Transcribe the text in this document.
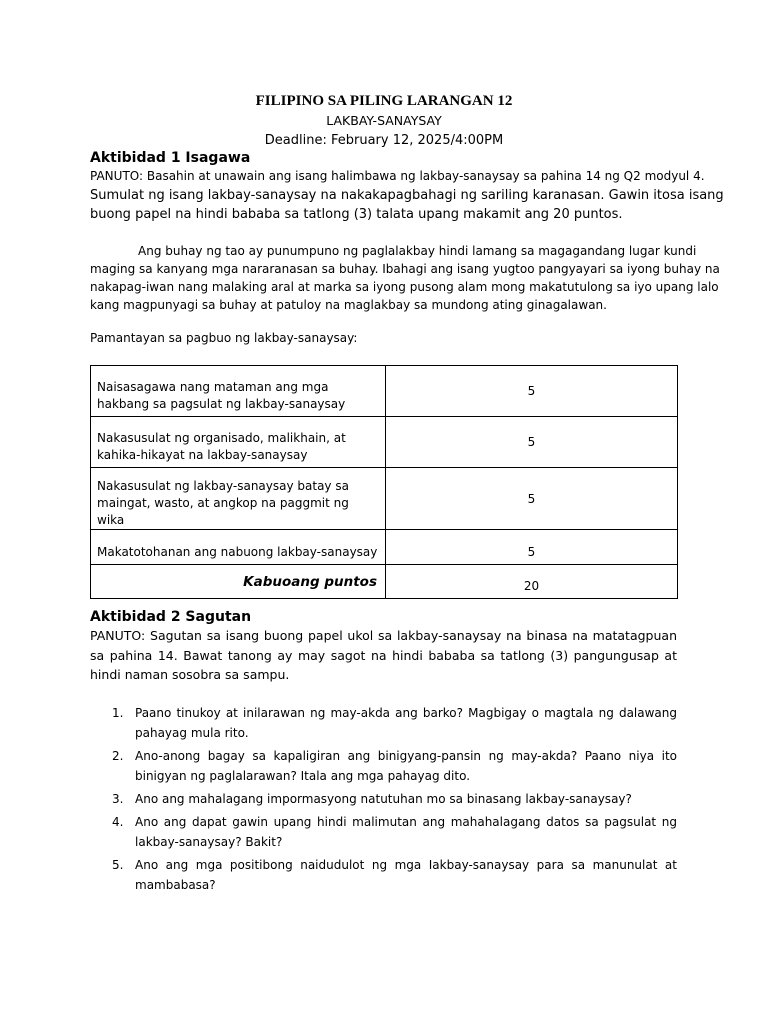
FILIPINO SA PILING LARANGAN 12
LAKBAY-SANAYSAY
Deadline: February 12, 2025/4:00PM
Aktibidad 1 Isagawa
PANUTO: Basahin at unawain ang isang halimbawa ng lakbay-sanaysay sa pahina 14 ng Q2 modyul 4.
Sumulat ng isang lakbay-sanaysay na nakakapagbahagi ng sariling karanasan. Gawin itosa isang
buong papel na hindi bababa sa tatlong (3) talata upang makamit ang 20 puntos.
Ang buhay ng tao ay punumpuno ng paglalakbay hindi lamang sa magagandang lugar kundi
maging sa kanyang mga nararanasan sa buhay. Ibahagi ang isang yugtoo pangyayari sa iyong buhay na
nakapag-iwan nang malaking aral at marka sa iyong pusong alam mong makatutulong sa iyo upang lalo
kang magpunyagi sa buhay at patuloy na maglakbay sa mundong ating ginagalawan.
Pamantayan sa pagbuo ng lakbay-sanaysay:
Naisasagawa nang mataman ang mga hakbang sa pagsulat ng lakbay-sanaysay	5
Nakasusulat ng organisado, malikhain, at kahika-hikayat na lakbay-sanaysay	5
Nakasusulat ng lakbay-sanaysay batay sa maingat, wasto, at angkop na paggmit ng wika	5
Makatotohanan ang nabuong lakbay-sanaysay	5
Kabuoang puntos	20
Aktibidad 2 Sagutan
PANUTO: Sagutan sa isang buong papel ukol sa lakbay-sanaysay na binasa na matatagpuan sa pahina 14. Bawat tanong ay may sagot na hindi bababa sa tatlong (3) pangungusap at hindi naman sosobra sa sampu.
1. Paano tinukoy at inilarawan ng may-akda ang barko? Magbigay o magtala ng dalawang pahayag mula rito.
2. Ano-anong bagay sa kapaligiran ang binigyang-pansin ng may-akda? Paano niya ito binigyan ng paglalarawan? Itala ang mga pahayag dito.
3. Ano ang mahalagang impormasyong natutuhan mo sa binasang lakbay-sanaysay?
4. Ano ang dapat gawin upang hindi malimutan ang mahahalagang datos sa pagsulat ng lakbay-sanaysay? Bakit?
5. Ano ang mga positibong naidudulot ng mga Iakbay-sanaysay para sa manunulat at mambabasa?
